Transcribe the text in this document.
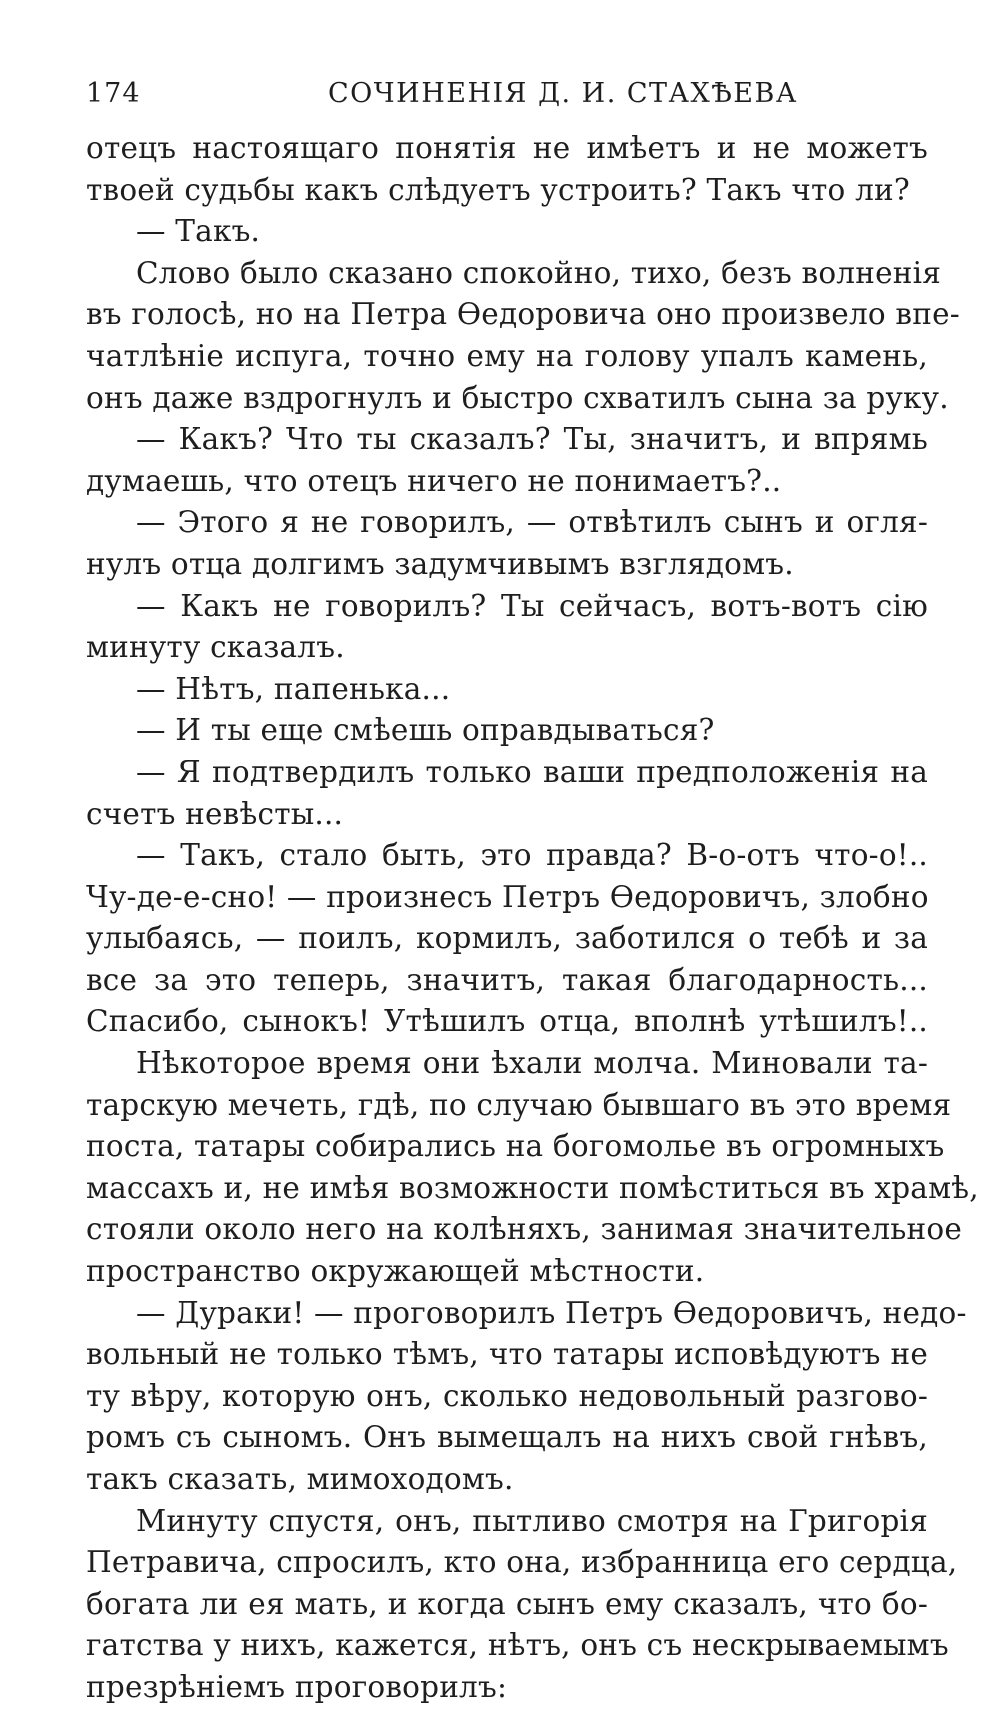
174	СОЧИНЕНІЯ Д. И. СТАХѢЕВА
отецъ настоящаго понятія не имѣетъ и не можетъ
твоей судьбы какъ слѣдуетъ устроить? Такъ что ли?
— Такъ.
Слово было сказано спокойно, тихо, безъ волненія
въ голосѣ, но на Петра Ѳедоровича оно произвело впе-
чатлѣніе испуга, точно ему на голову упалъ камень,
онъ даже вздрогнулъ и быстро схватилъ сына за руку.
— Какъ? Что ты сказалъ? Ты, значитъ, и впрямь
думаешь, что отецъ ничего не понимаетъ?..
— Этого я не говорилъ, — отвѣтилъ сынъ и огля-
нулъ отца долгимъ задумчивымъ взглядомъ.
— Какъ не говорилъ? Ты сейчасъ, вотъ-вотъ сію
минуту сказалъ.
— Нѣтъ, папенька...
— И ты еще смѣешь оправдываться?
— Я подтвердилъ только ваши предположенія на
счетъ невѣсты...
— Такъ, стало быть, это правда? В-о-отъ что-о!..
Чу-де-е-сно! — произнесъ Петръ Ѳедоровичъ, злобно
улыбаясь, — поилъ, кормилъ, заботился о тебѣ и за
все за это теперь, значитъ, такая благодарность...
Спасибо, сынокъ! Утѣшилъ отца, вполнѣ утѣшилъ!..
Нѣкоторое время они ѣхали молча. Миновали та-
тарскую мечеть, гдѣ, по случаю бывшаго въ это время
поста, татары собирались на богомолье въ огромныхъ
массахъ и, не имѣя возможности помѣститься въ храмѣ,
стояли около него на колѣняхъ, занимая значительное
пространство окружающей мѣстности.
— Дураки! — проговорилъ Петръ Ѳедоровичъ, недо-
вольный не только тѣмъ, что татары исповѣдуютъ не
ту вѣру, которую онъ, сколько недовольный разгово-
ромъ съ сыномъ. Онъ вымещалъ на нихъ свой гнѣвъ,
такъ сказать, мимоходомъ.
Минуту спустя, онъ, пытливо смотря на Григорія
Петравича, спросилъ, кто она, избранница его сердца,
богата ли ея мать, и когда сынъ ему сказалъ, что бо-
гатства у нихъ, кажется, нѣтъ, онъ съ нескрываемымъ
презрѣніемъ проговорилъ:
